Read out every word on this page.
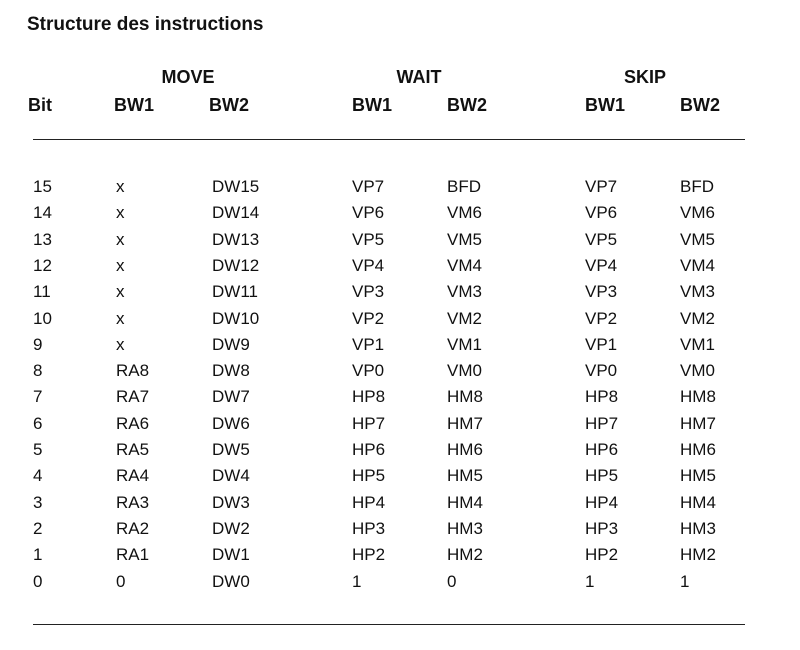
Structure des instructions
MOVE	WAIT	SKIP
Bit	BW1	BW2	BW1	BW2	BW1	BW2
15	x	DW15	VP7	BFD	VP7	BFD
14	x	DW14	VP6	VM6	VP6	VM6
13	x	DW13	VP5	VM5	VP5	VM5
12	x	DW12	VP4	VM4	VP4	VM4
11	x	DW11	VP3	VM3	VP3	VM3
10	x	DW10	VP2	VM2	VP2	VM2
9	x	DW9	VP1	VM1	VP1	VM1
8	RA8	DW8	VP0	VM0	VP0	VM0
7	RA7	DW7	HP8	HM8	HP8	HM8
6	RA6	DW6	HP7	HM7	HP7	HM7
5	RA5	DW5	HP6	HM6	HP6	HM6
4	RA4	DW4	HP5	HM5	HP5	HM5
3	RA3	DW3	HP4	HM4	HP4	HM4
2	RA2	DW2	HP3	HM3	HP3	HM3
1	RA1	DW1	HP2	HM2	HP2	HM2
0	0	DW0	1	0	1	1
